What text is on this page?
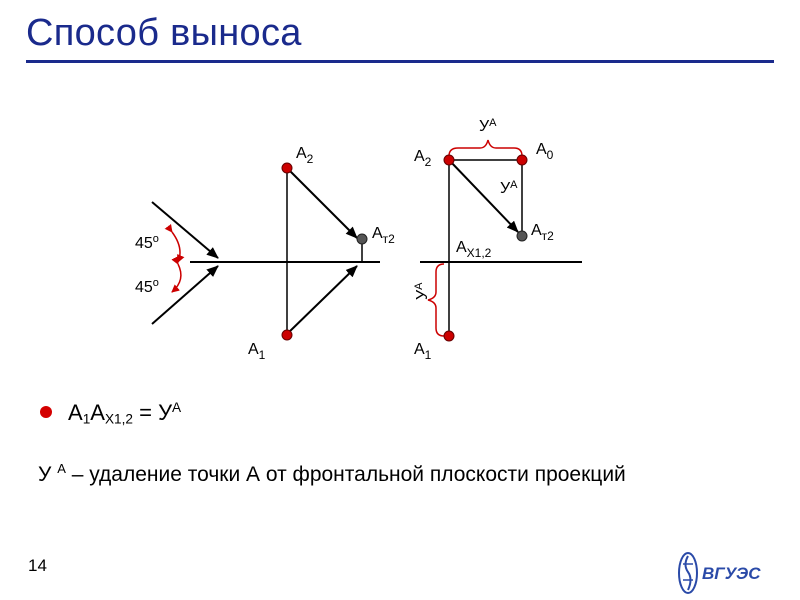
Способ выноса
45$^o$
45$^o$
$A_2$
$A_1$
$A_{т2}$
$У^A$
$A_2$
$A_0$
$У^A$
$A_{т2}$
$A_{X1,2}$
$У^A$
$A_1$
$A_1A_{X1,2} = У^A$
У $^A$ – удаление точки А от фронтальной плоскости проекций
14	ВГУЭС
